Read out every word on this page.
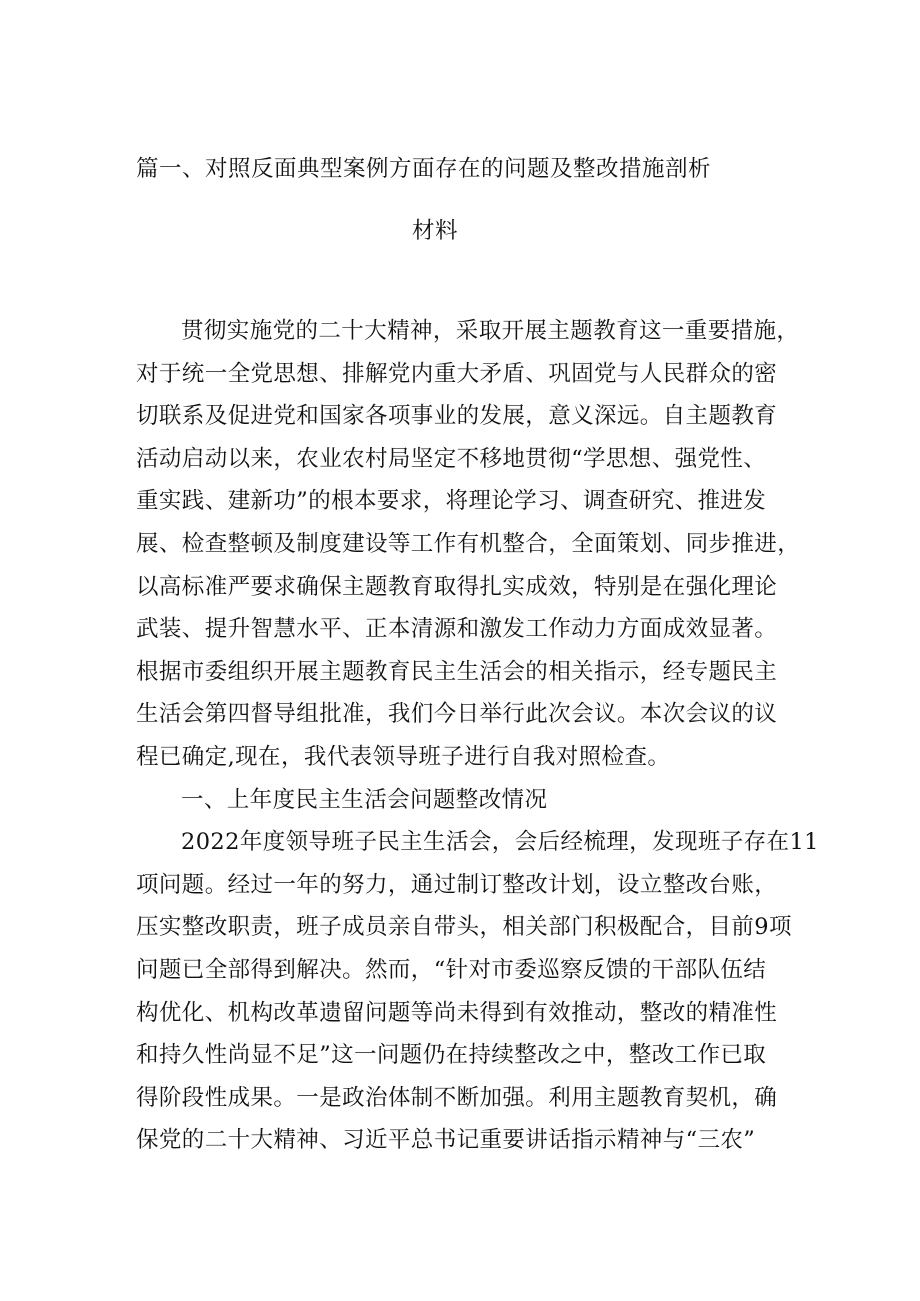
篇一、对照反面典型案例方面存在的问题及整改措施剖析
材料
贯彻实施党的二十大精神，采取开展主题教育这一重要措施，
对于统一全党思想、排解党内重大矛盾、巩固党与人民群众的密
切联系及促进党和国家各项事业的发展，意义深远。自主题教育
活动启动以来，农业农村局坚定不移地贯彻“学思想、强党性、
重实践、建新功”的根本要求，将理论学习、调查研究、推进发
展、检查整顿及制度建设等工作有机整合，全面策划、同步推进，
以高标准严要求确保主题教育取得扎实成效，特别是在强化理论
武装、提升智慧水平、正本清源和激发工作动力方面成效显著。
根据市委组织开展主题教育民主生活会的相关指示，经专题民主
生活会第四督导组批准，我们今日举行此次会议。本次会议的议
程已确定,现在，我代表领导班子进行自我对照检查。
一、上年度民主生活会问题整改情况
2022年度领导班子民主生活会，会后经梳理，发现班子存在11
项问题。经过一年的努力，通过制订整改计划，设立整改台账，
压实整改职责，班子成员亲自带头，相关部门积极配合，目前9项
问题已全部得到解决。然而，“针对市委巡察反馈的干部队伍结
构优化、机构改革遗留问题等尚未得到有效推动，整改的精准性
和持久性尚显不足”这一问题仍在持续整改之中，整改工作已取
得阶段性成果。一是政治体制不断加强。利用主题教育契机，确
保党的二十大精神、习近平总书记重要讲话指示精神与“三农”
